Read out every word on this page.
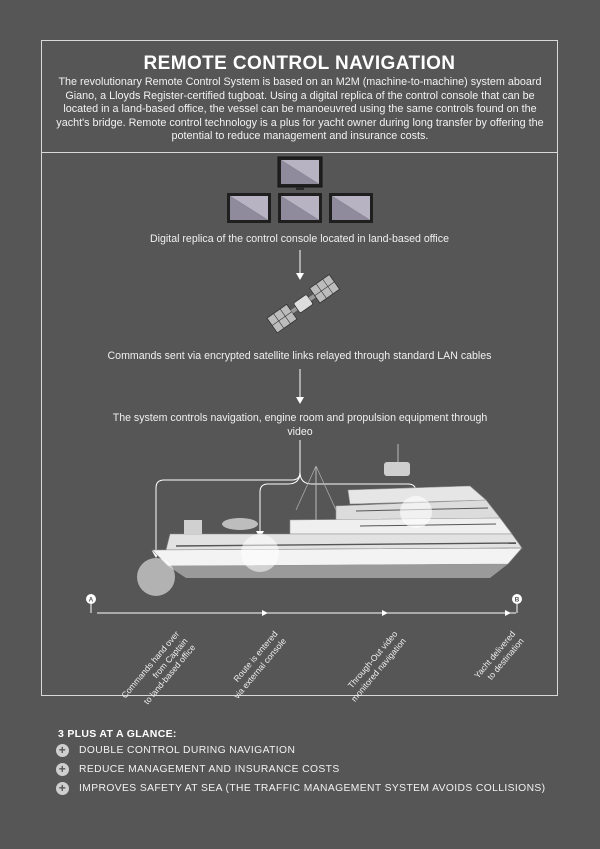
REMOTE CONTROL NAVIGATION
The revolutionary Remote Control System is based on an M2M (machine-to-machine) system aboard Giano, a Lloyds Register-certified tugboat. Using a digital replica of the control console that can be located in a land-based office, the vessel can be manoeuvred using the same controls found on the yacht's bridge. Remote control technology is a plus for yacht owner during long transfer by offering the potential to reduce management and insurance costs.
A	B
Digital replica of the control console located in land-based office
Commands sent via encrypted satellite links relayed through standard LAN cables
The system controls navigation, engine room and propulsion equipment through video
Commands hand over
from Captain
to land-based office	Route is entered
via external console	Through-Out video
monitored navigation	Yacht delivered
to destination
3 PLUS AT A GLANCE:
+ DOUBLE CONTROL DURING NAVIGATION
+ REDUCE MANAGEMENT AND INSURANCE COSTS
+ IMPROVES SAFETY AT SEA (THE TRAFFIC MANAGEMENT SYSTEM AVOIDS COLLISIONS)
